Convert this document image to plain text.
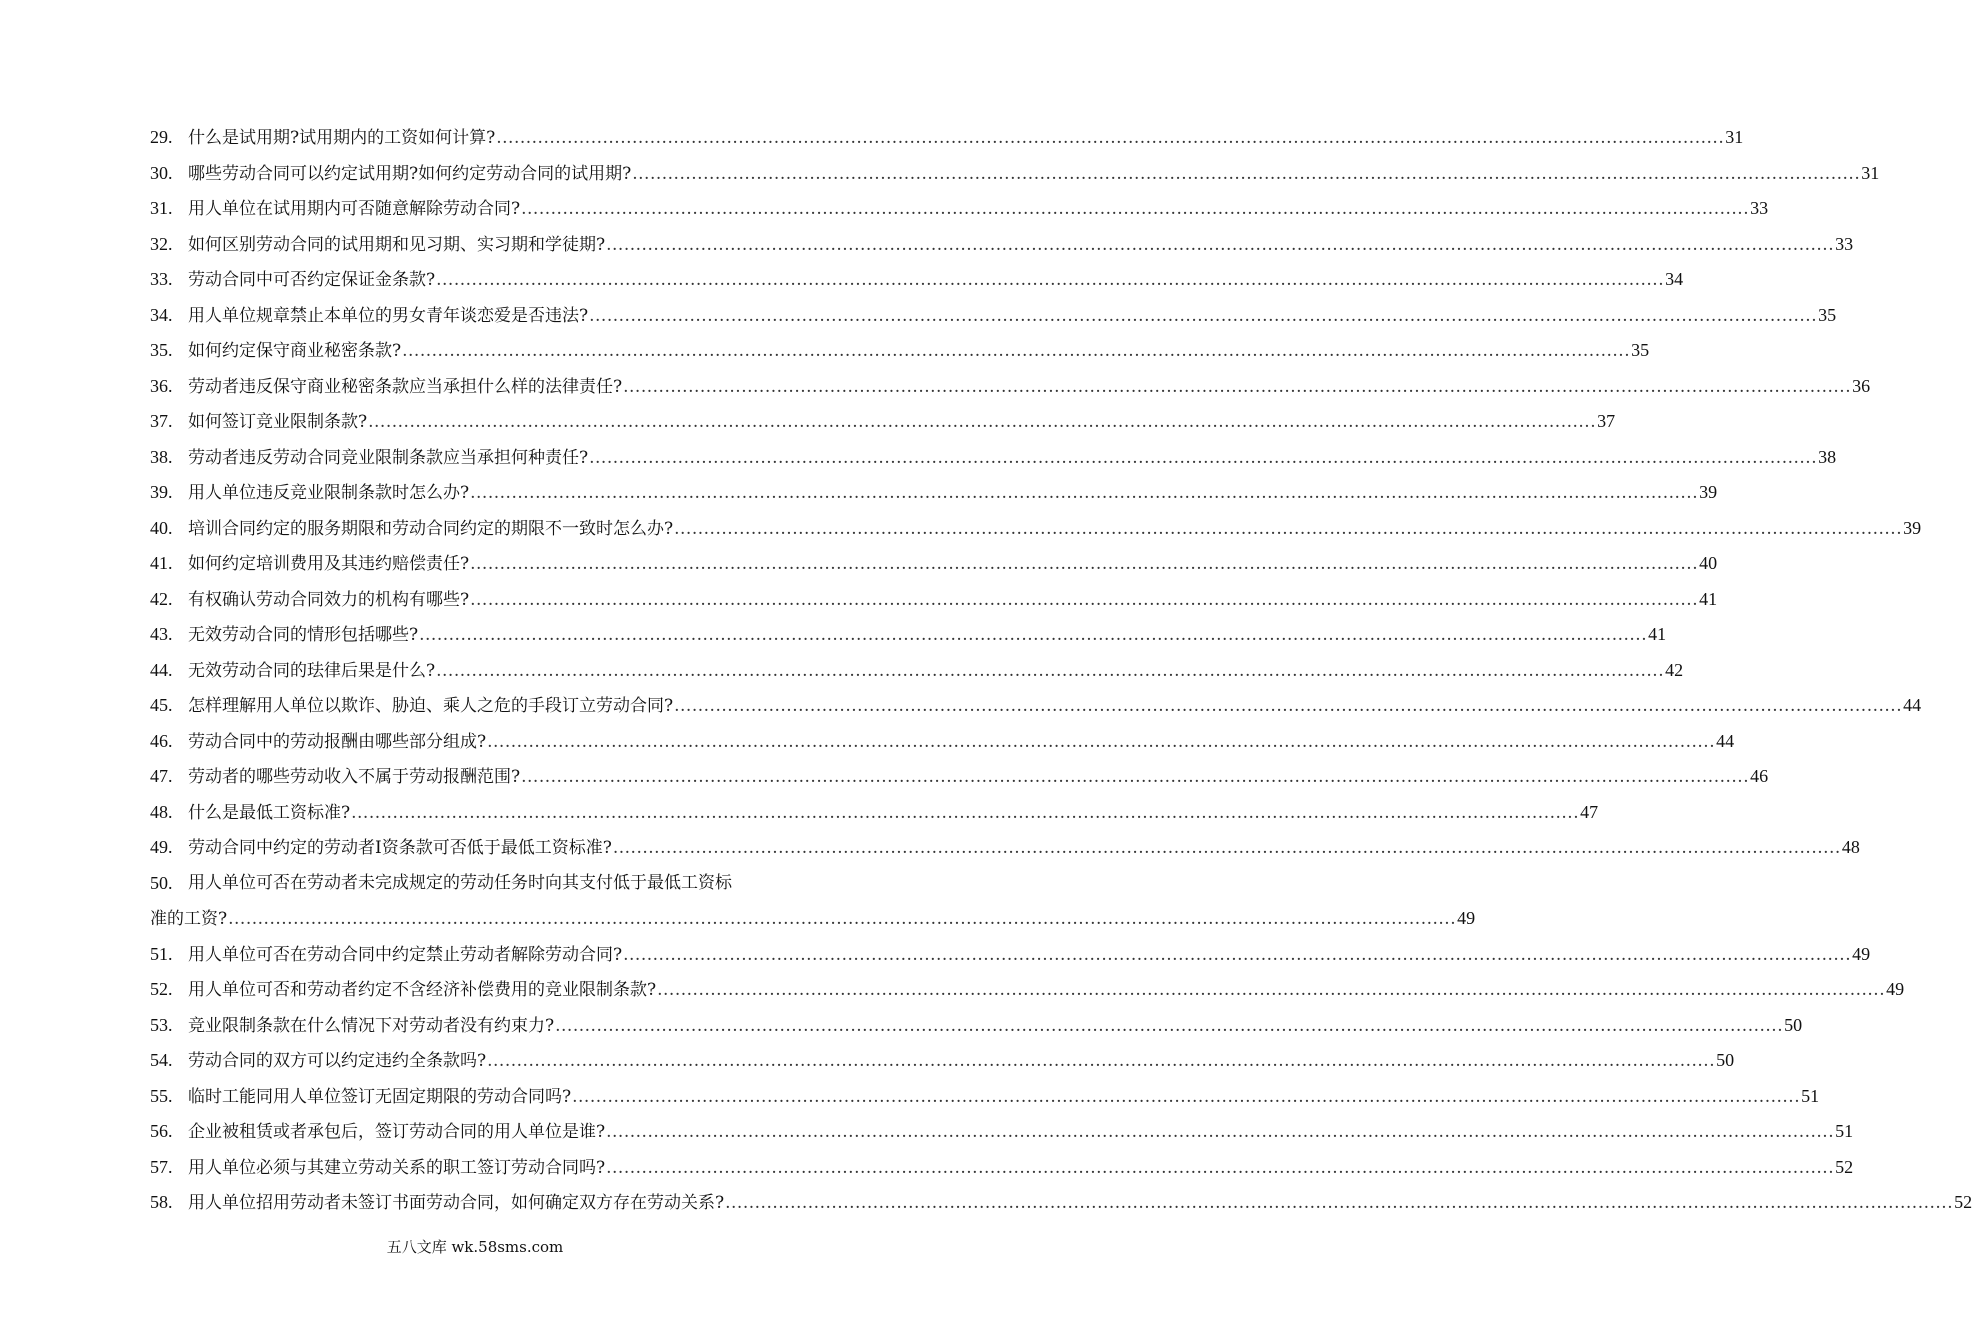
29. 什么是试用期?试用期内的工资如何计算? .....	31
30. 哪些劳动合同可以约定试用期?如何约定劳动合同的试用期? .....	31
31. 用人单位在试用期内可否随意解除劳动合同? .....	33
32. 如何区别劳动合同的试用期和见习期、实习期和学徒期? .....	33
33. 劳动合同中可否约定保证金条款? .....	34
34. 用人单位规章禁止本单位的男女青年谈恋爱是否违法? .....	35
35. 如何约定保守商业秘密条款? .....	35
36. 劳动者违反保守商业秘密条款应当承担什么样的法律责任? .....	36
37. 如何签订竞业限制条款? .....	37
38. 劳动者违反劳动合同竞业限制条款应当承担何种责任? .....	38
39. 用人单位违反竞业限制条款时怎么办? .....	39
40. 培训合同约定的服务期限和劳动合同约定的期限不一致时怎么办? .....	39
41. 如何约定培训费用及其违约赔偿责任? .....	40
42. 有权确认劳动合同效力的机构有哪些? .....	41
43. 无效劳动合同的情形包括哪些? .....	41
44. 无效劳动合同的珐律后果是什么? .....	42
45. 怎样理解用人单位以欺诈、胁迫、乘人之危的手段订立劳动合同? .....	44
46. 劳动合同中的劳动报酬由哪些部分组成? .....	44
47. 劳动者的哪些劳动收入不属于劳动报酬范围? .....	46
48. 什么是最低工资标准? .....	47
49. 劳动合同中约定的劳动者I资条款可否低于最低工资标准? .....	48
50. 用人单位可否在劳动者未完成规定的劳动任务时向其支付低于最低工资标
准的工资? .....	49
51. 用人单位可否在劳动合同中约定禁止劳动者解除劳动合同? .....	49
52. 用人单位可否和劳动者约定不含经济补偿费用的竞业限制条款? .....	49
53. 竞业限制条款在什么情况下对劳动者没有约束力? .....	50
54. 劳动合同的双方可以约定违约全条款吗? .....	50
55. 临时工能同用人单位签订无固定期限的劳动合同吗? .....	51
56. 企业被租赁或者承包后，签订劳动合同的用人单位是谁? .....	51
57. 用人单位必须与其建立劳动关系的职工签订劳动合同吗? .....	52
58. 用人单位招用劳动者未签订书面劳动合同，如何确定双方存在劳动关系? .....	52
五八文库 wk.58sms.com
